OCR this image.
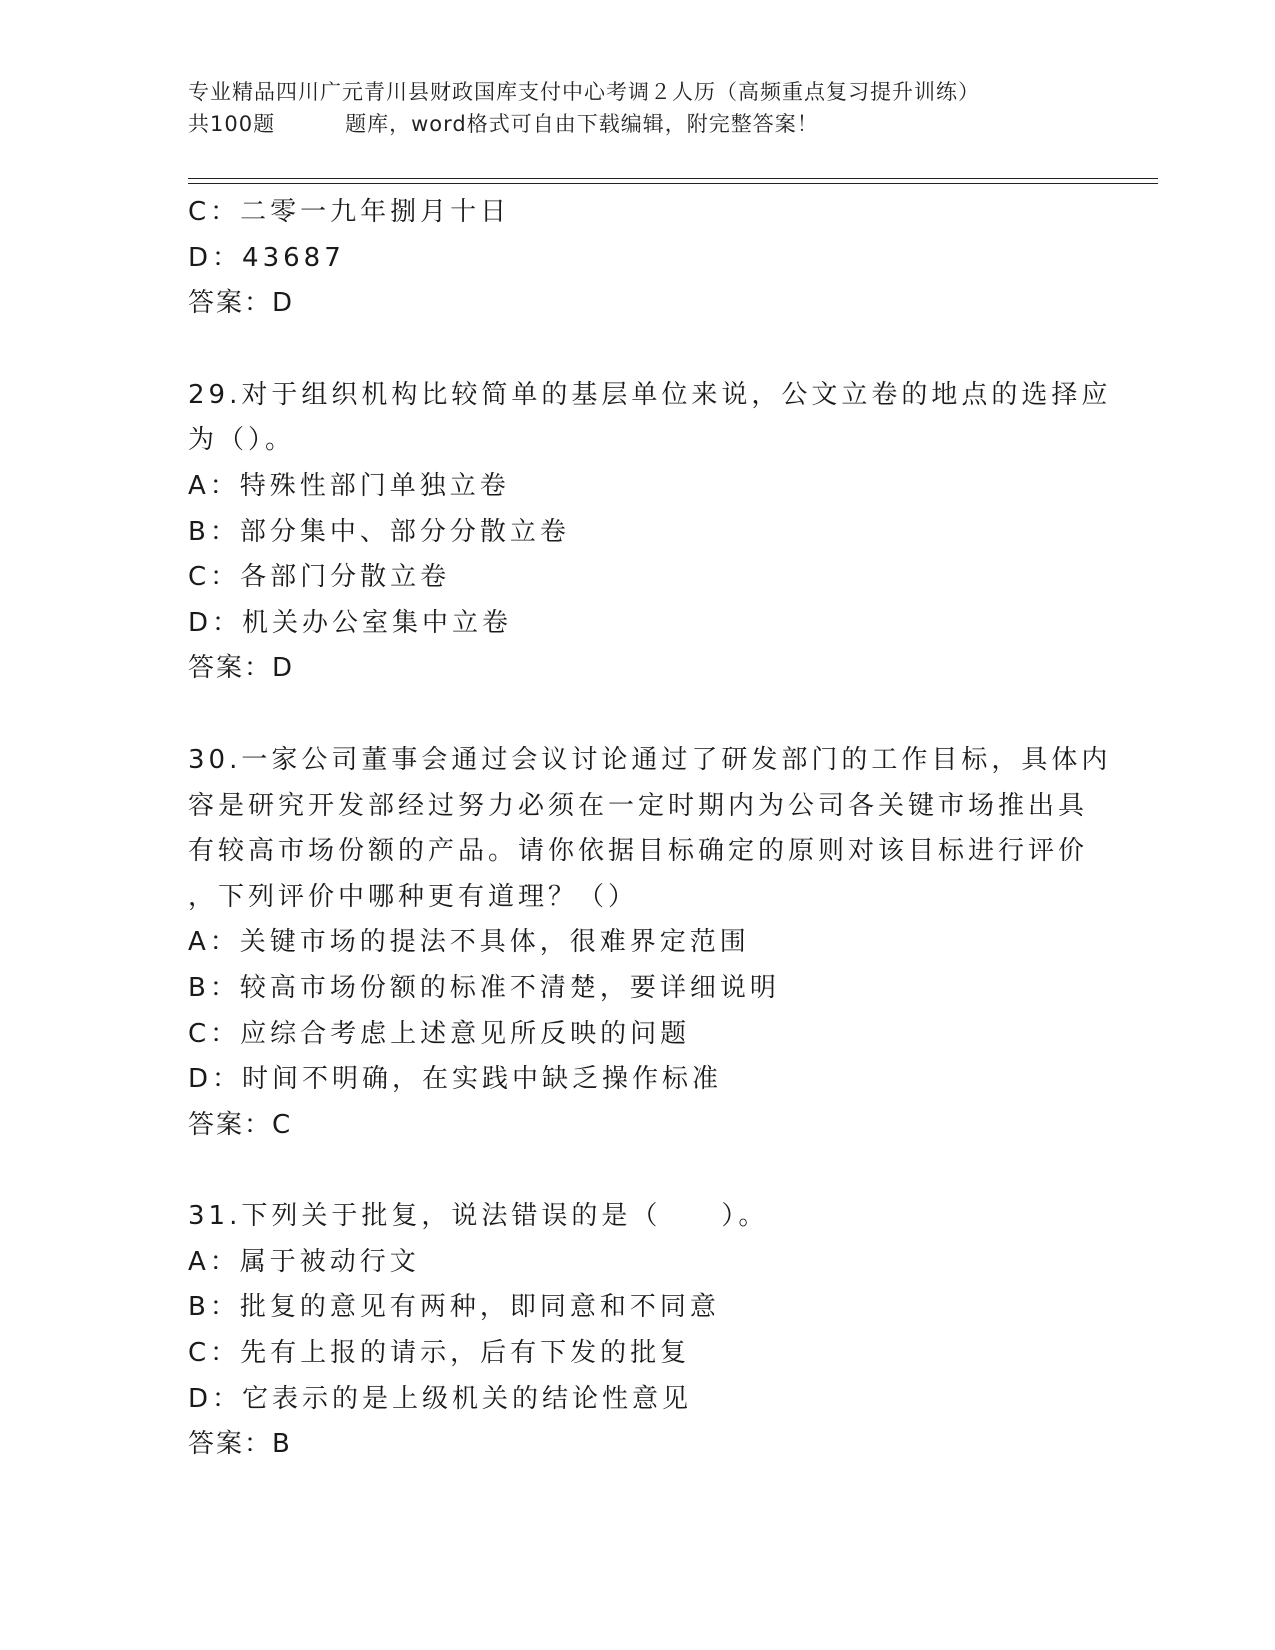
专业精品四川广元青川县财政国库支付中心考调２人历（高频重点复习提升训练）
共100题	题库，word格式可自由下载编辑，附完整答案！
C：二零一九年捌月十日
D：43687
答案：D
29.对于组织机构比较简单的基层单位来说，公文立卷的地点的选择应
为（）。
A：特殊性部门单独立卷
B：部分集中、部分分散立卷
C：各部门分散立卷
D：机关办公室集中立卷
答案：D
30.一家公司董事会通过会议讨论通过了研发部门的工作目标，具体内
容是研究开发部经过努力必须在一定时期内为公司各关键市场推出具
有较高市场份额的产品。请你依据目标确定的原则对该目标进行评价
，下列评价中哪种更有道理？（）
A：关键市场的提法不具体，很难界定范围
B：较高市场份额的标准不清楚，要详细说明
C：应综合考虑上述意见所反映的问题
D：时间不明确，在实践中缺乏操作标准
答案：C
31.下列关于批复，说法错误的是（　　）。
A：属于被动行文
B：批复的意见有两种，即同意和不同意
C：先有上报的请示，后有下发的批复
D：它表示的是上级机关的结论性意见
答案：B
